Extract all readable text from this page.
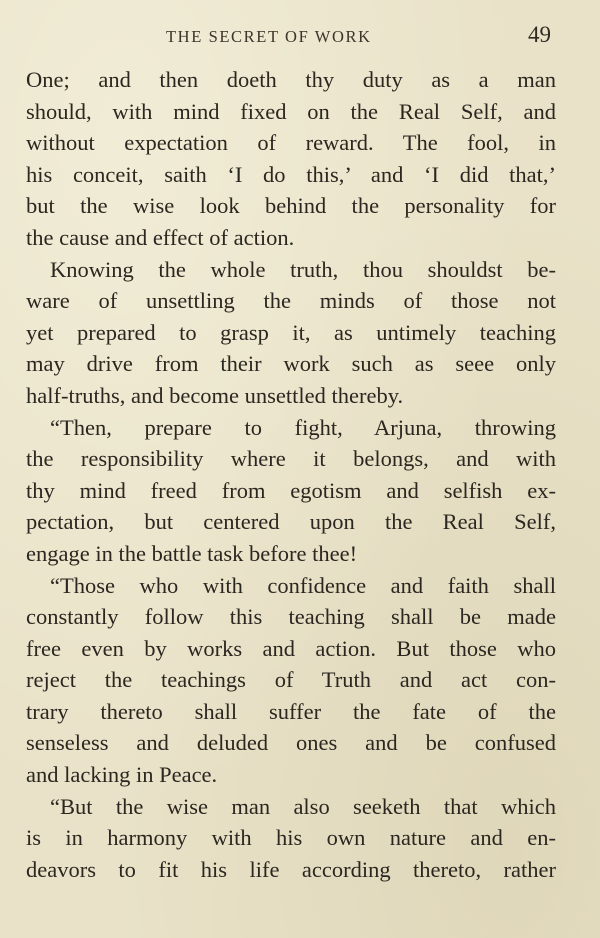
THE SECRET OF WORK	49
One; and then doeth thy duty as a man
should, with mind fixed on the Real Self, and
without expectation of reward. The fool, in
his conceit, saith ‘I do this,’ and ‘I did that,’
but the wise look behind the personality for
the cause and effect of action.
Knowing the whole truth, thou shouldst be-
ware of unsettling the minds of those not
yet prepared to grasp it, as untimely teaching
may drive from their work such as seee only
half-truths, and become unsettled thereby.
“Then, prepare to fight, Arjuna, throwing
the responsibility where it belongs, and with
thy mind freed from egotism and selfish ex-
pectation, but centered upon the Real Self,
engage in the battle task before thee!
“Those who with confidence and faith shall
constantly follow this teaching shall be made
free even by works and action. But those who
reject the teachings of Truth and act con-
trary thereto shall suffer the fate of the
senseless and deluded ones and be confused
and lacking in Peace.
“But the wise man also seeketh that which
is in harmony with his own nature and en-
deavors to fit his life according thereto, rather
